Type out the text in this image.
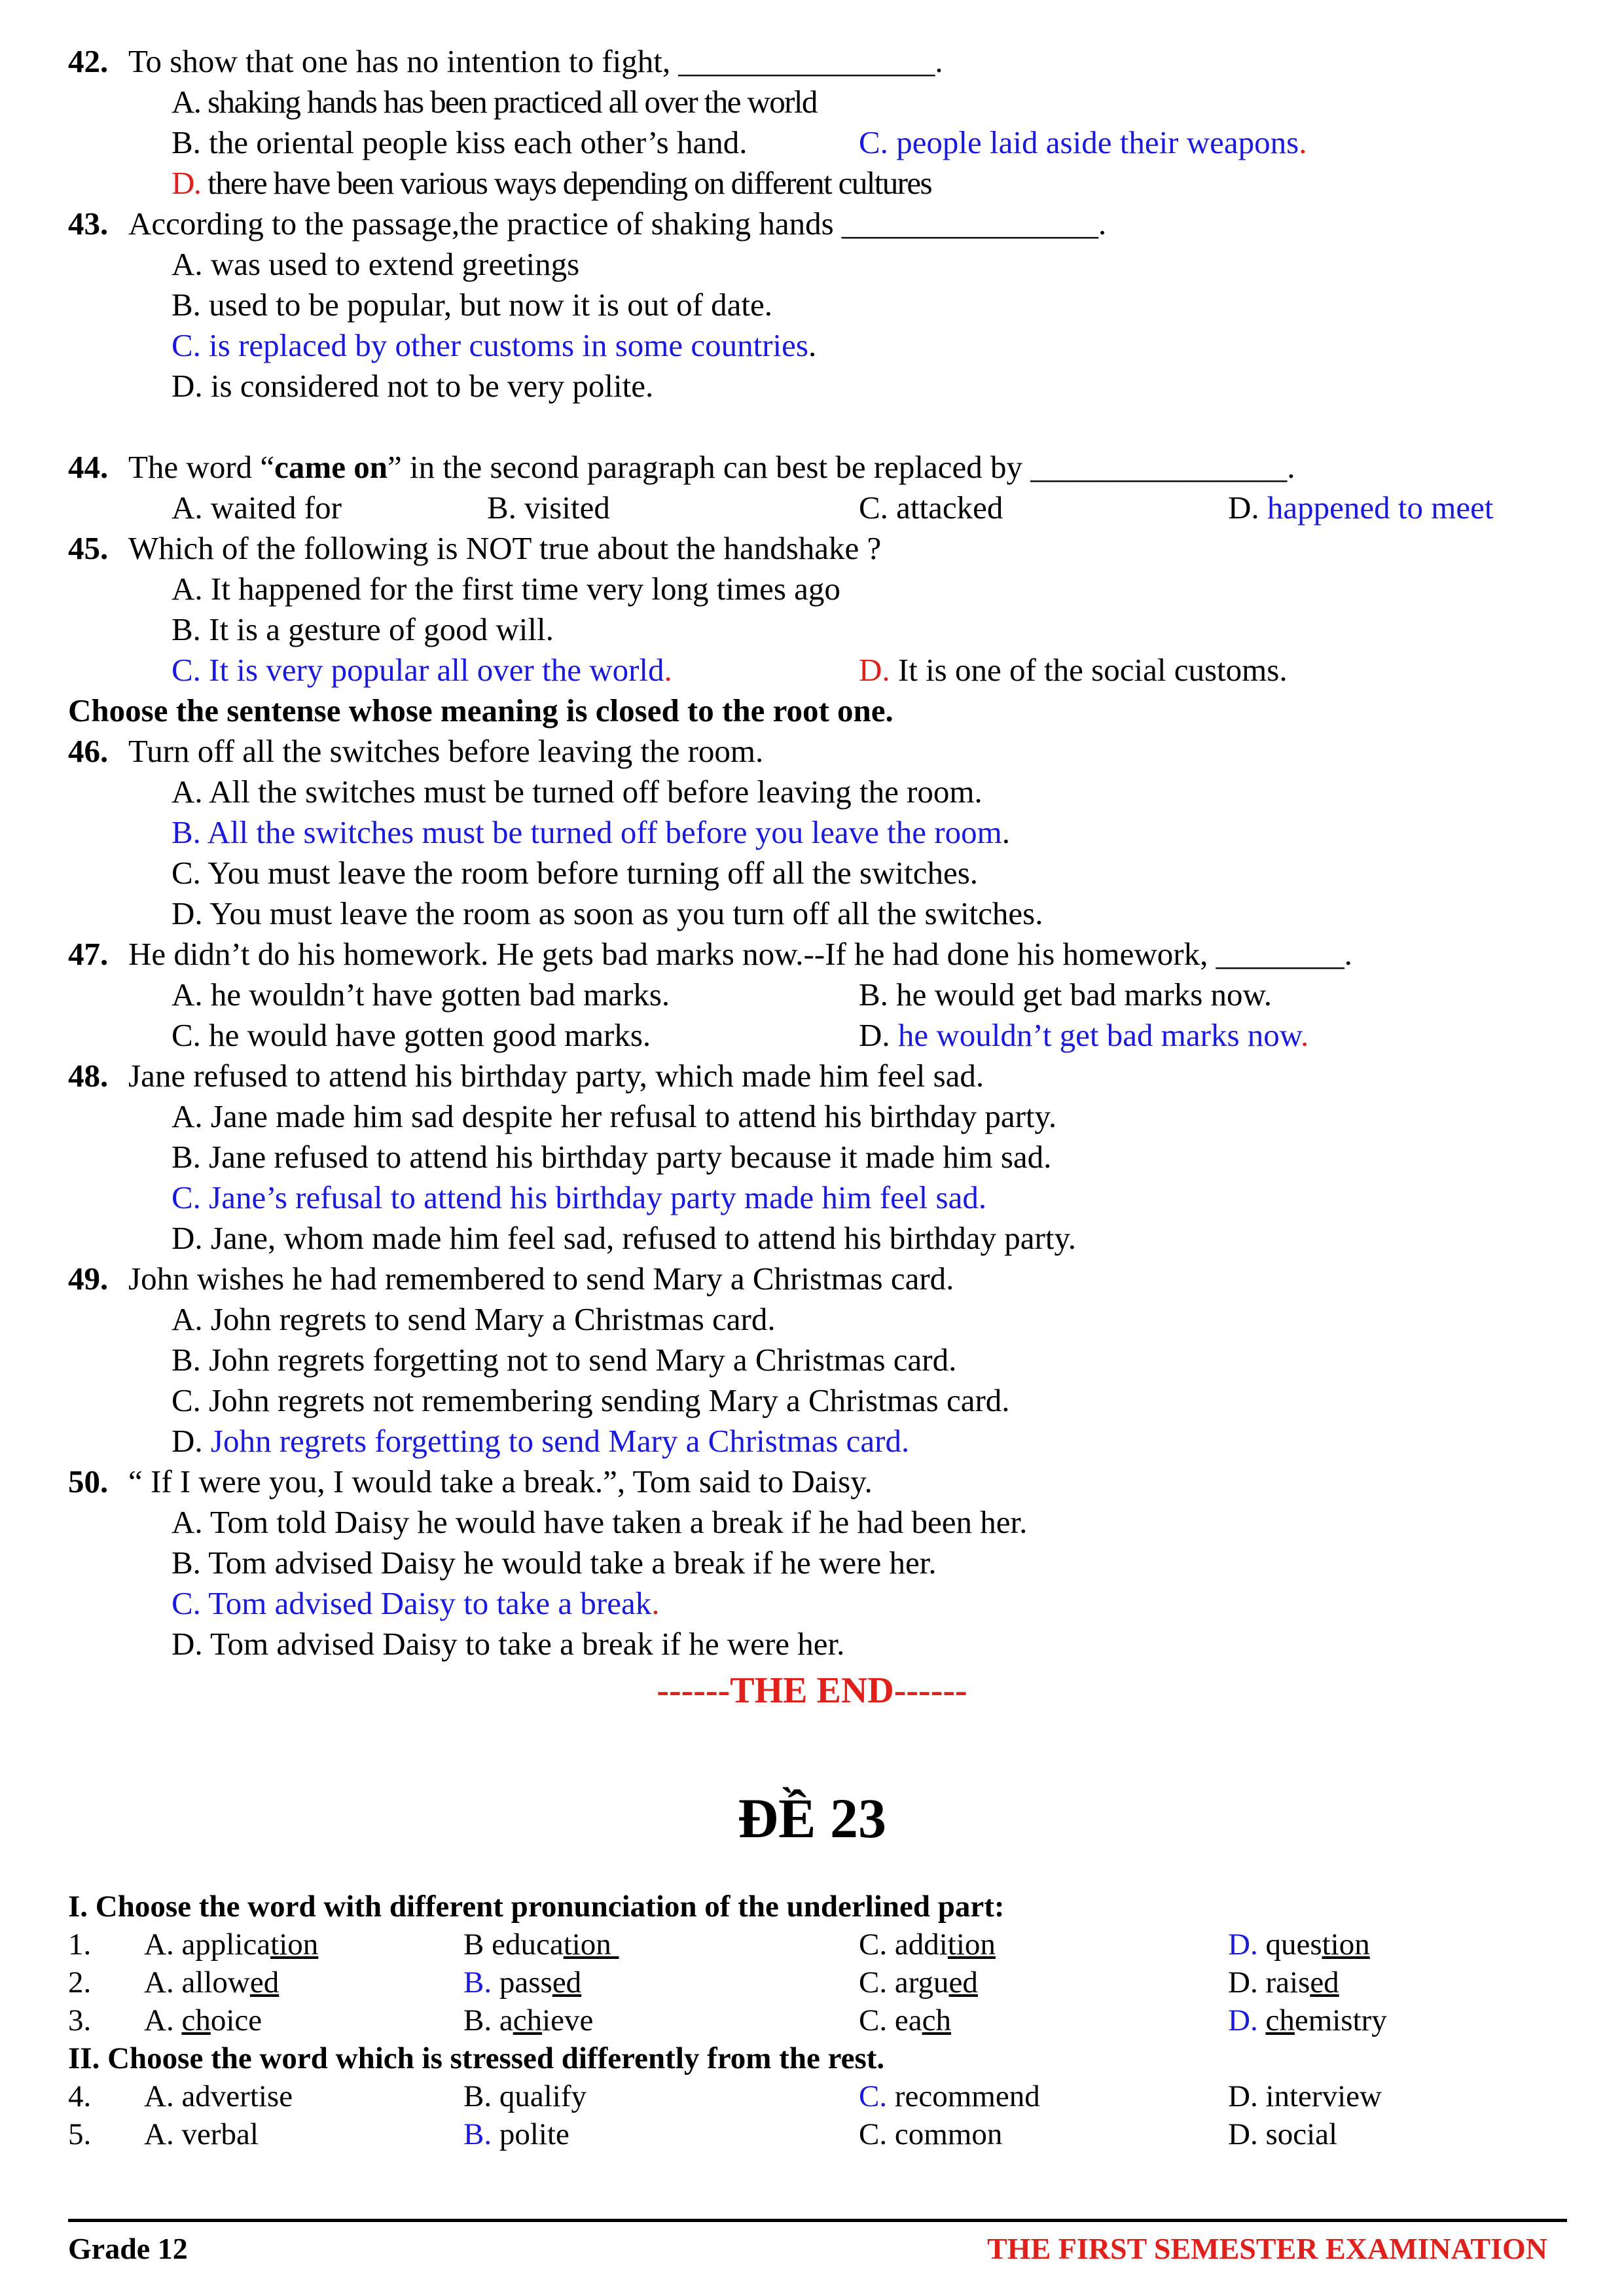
42. To show that one has no intention to fight, ________________.
A. shaking hands has been practiced all over the world
B. the oriental people kiss each other’s hand.	C. people laid aside their weapons.
D. there have been various ways depending on different cultures
43. According to the passage,the practice of shaking hands ________________.
A. was used to extend greetings
B. used to be popular, but now it is out of date.
C. is replaced by other customs in some countries.
D. is considered not to be very polite.
44. The word “came on” in the second paragraph can best be replaced by ________________.
A. waited for	B. visited	C. attacked	D. happened to meet
45. Which of the following is NOT true about the handshake ?
A. It happened for the first time very long times ago
B. It is a gesture of good will.
C. It is very popular all over the world.	D. It is one of the social customs.
Choose the sentense whose meaning is closed to the root one.
46. Turn off all the switches before leaving the room.
A. All the switches must be turned off before leaving the room.
B. All the switches must be turned off before you leave the room.
C. You must leave the room before turning off all the switches.
D. You must leave the room as soon as you turn off all the switches.
47. He didn’t do his homework. He gets bad marks now.--If he had done his homework, ________.
A. he wouldn’t have gotten bad marks.	B. he would get bad marks now.
C. he would have gotten good marks.	D. he wouldn’t get bad marks now.
48. Jane refused to attend his birthday party, which made him feel sad.
A. Jane made him sad despite her refusal to attend his birthday party.
B. Jane refused to attend his birthday party because it made him sad.
C. Jane’s refusal to attend his birthday party made him feel sad.
D. Jane, whom made him feel sad, refused to attend his birthday party.
49. John wishes he had remembered to send Mary a Christmas card.
A. John regrets to send Mary a Christmas card.
B. John regrets forgetting not to send Mary a Christmas card.
C. John regrets not remembering sending Mary a Christmas card.
D. John regrets forgetting to send Mary a Christmas card.
50. “ If I were you, I would take a break.”, Tom said to Daisy.
A. Tom told Daisy he would have taken a break if he had been her.
B. Tom advised Daisy he would take a break if he were her.
C. Tom advised Daisy to take a break.
D. Tom advised Daisy to take a break if he were her.
------THE END------
ĐỀ 23
I. Choose the word with different pronunciation of the underlined part:
1. A. application	B education	C. addition	D. question
2. A. allowed	B. passed	C. argued	D. raised
3. A. choice	B. achieve	C. each	D. chemistry
II. Choose the word which is stressed differently from the rest.
4. A. advertise	B. qualify	C. recommend	D. interview
5. A. verbal	B. polite	C. common	D. social
Grade 12	THE FIRST SEMESTER EXAMINATION
